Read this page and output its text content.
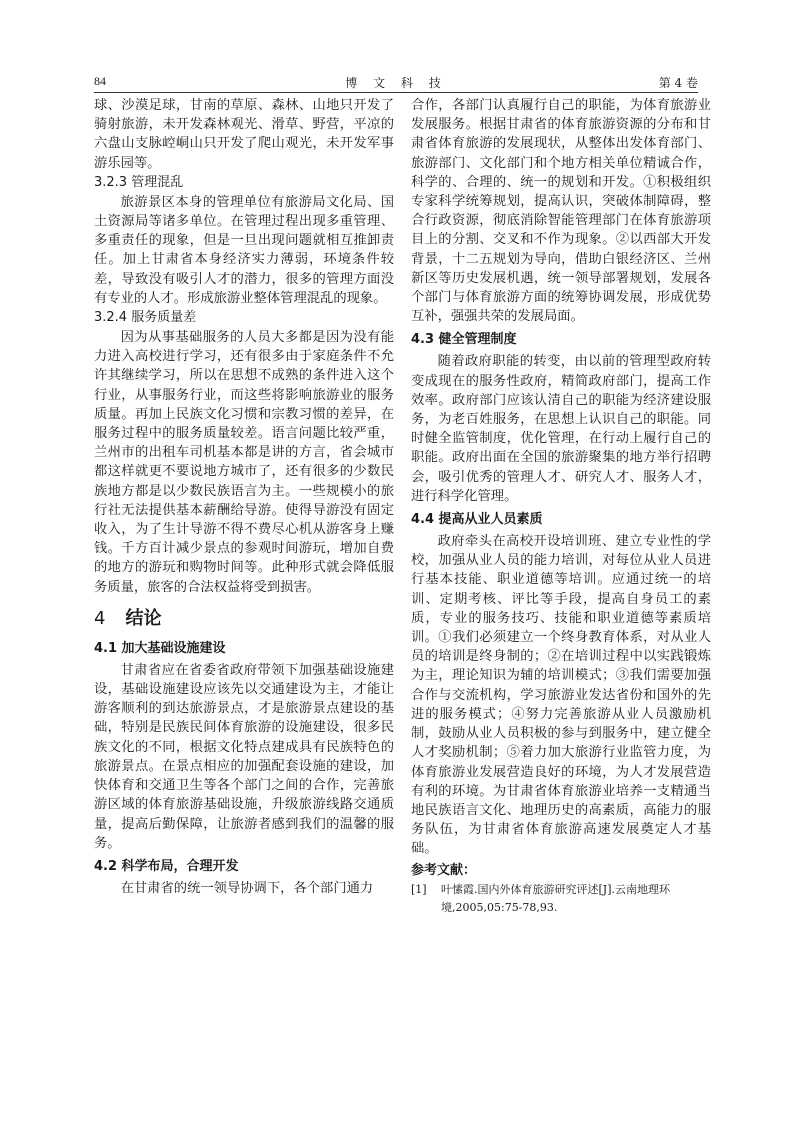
84	博 文 科 技	第 4 卷

球、沙漠足球，甘南的草原、森林、山地只开发了骑射旅游，未开发森林观光、滑草、野营，平凉的六盘山支脉崆峒山只开发了爬山观光，未开发军事游乐园等。

3.2.3 管理混乱

旅游景区本身的管理单位有旅游局文化局、国土资源局等诸多单位。在管理过程出现多重管理、多重责任的现象，但是一旦出现问题就相互推卸责任。加上甘肃省本身经济实力薄弱，环境条件较差，导致没有吸引人才的潜力，很多的管理方面没有专业的人才。形成旅游业整体管理混乱的现象。

3.2.4 服务质量差

因为从事基础服务的人员大多都是因为没有能力进入高校进行学习，还有很多由于家庭条件不允许其继续学习，所以在思想不成熟的条件进入这个行业，从事服务行业，而这些将影响旅游业的服务质量。再加上民族文化习惯和宗教习惯的差异，在服务过程中的服务质量较差。语言问题比较严重，兰州市的出租车司机基本都是讲的方言，省会城市都这样就更不要说地方城市了，还有很多的少数民族地方都是以少数民族语言为主。一些规模小的旅行社无法提供基本薪酬给导游。使得导游没有固定收入，为了生计导游不得不费尽心机从游客身上赚钱。千方百计减少景点的参观时间游玩，增加自费的地方的游玩和购物时间等。此种形式就会降低服务质量，旅客的合法权益将受到损害。

4 结论

4.1 加大基础设施建设

甘肃省应在省委省政府带领下加强基础设施建设，基础设施建设应该先以交通建设为主，才能让游客顺利的到达旅游景点，才是旅游景点建设的基础，特别是民族民间体育旅游的设施建设，很多民族文化的不同，根据文化特点建成具有民族特色的旅游景点。在景点相应的加强配套设施的建设，加快体育和交通卫生等各个部门之间的合作，完善旅游区域的体育旅游基础设施，升级旅游线路交通质量，提高后勤保障，让旅游者感到我们的温馨的服务。

4.2 科学布局，合理开发

在甘肃省的统一领导协调下，各个部门通力

合作，各部门认真履行自己的职能，为体育旅游业发展服务。根据甘肃省的体育旅游资源的分布和甘肃省体育旅游的发展现状，从整体出发体育部门、旅游部门、文化部门和个地方相关单位精诚合作，科学的、合理的、统一的规划和开发。①积极组织专家科学统筹规划，提高认识，突破体制障碍，整合行政资源，彻底消除智能管理部门在体育旅游项目上的分割、交叉和不作为现象。②以西部大开发背景，十二五规划为导向，借助白银经济区、兰州新区等历史发展机遇，统一领导部署规划，发展各个部门与体育旅游方面的统筹协调发展，形成优势互补，强强共荣的发展局面。

4.3 健全管理制度

随着政府职能的转变，由以前的管理型政府转变成现在的服务性政府，精简政府部门，提高工作效率。政府部门应该认清自己的职能为经济建设服务，为老百姓服务，在思想上认识自己的职能。同时健全监管制度，优化管理，在行动上履行自己的职能。政府出面在全国的旅游聚集的地方举行招聘会，吸引优秀的管理人才、研究人才、服务人才，进行科学化管理。

4.4 提高从业人员素质

政府牵头在高校开设培训班、建立专业性的学校，加强从业人员的能力培训，对每位从业人员进行基本技能、职业道德等培训。应通过统一的培训、定期考核、评比等手段，提高自身员工的素质，专业的服务技巧、技能和职业道德等素质培训。①我们必须建立一个终身教育体系，对从业人员的培训是终身制的；②在培训过程中以实践锻炼为主，理论知识为辅的培训模式；③我们需要加强合作与交流机构，学习旅游业发达省份和国外的先进的服务模式；④努力完善旅游从业人员激励机制，鼓励从业人员积极的参与到服务中，建立健全人才奖励机制；⑤着力加大旅游行业监管力度，为体育旅游业发展营造良好的环境，为人才发展营造有利的环境。为甘肃省体育旅游业培养一支精通当地民族语言文化、地理历史的高素质，高能力的服务队伍，为甘肃省体育旅游高速发展奠定人才基础。

参考文献：

[1] 叶愫霞.国内外体育旅游研究评述[J].云南地理环境,2005,05:75-78,93.
